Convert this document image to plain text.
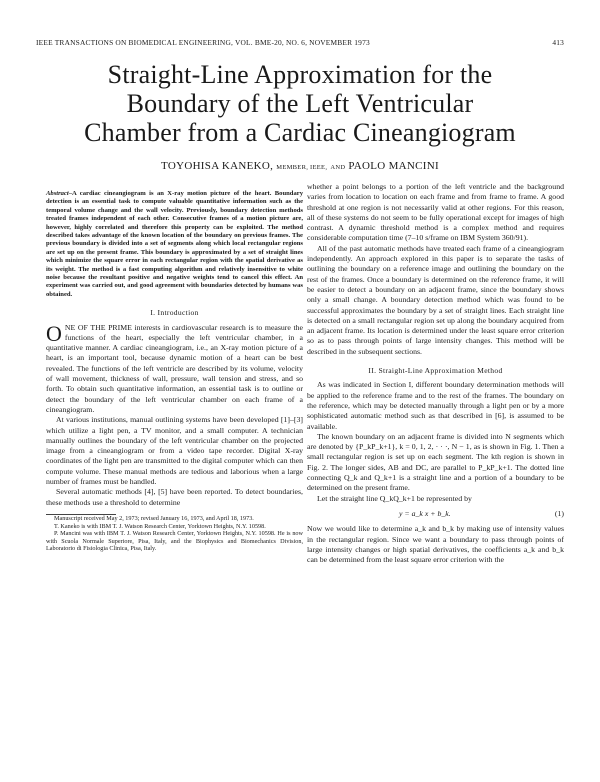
IEEE TRANSACTIONS ON BIOMEDICAL ENGINEERING, VOL. BME-20, NO. 6, NOVEMBER 1973	413
Straight-Line Approximation for the
Boundary of the Left Ventricular
Chamber from a Cardiac Cineangiogram
TOYOHISA KANEKO, MEMBER, IEEE, AND PAOLO MANCINI
Abstract–A cardiac cineangiogram is an X-ray motion picture of the heart. Boundary detection is an essential task to compute valuable quantitative information such as the temporal volume change and the wall velocity. Previously, boundary detection methods treated frames independent of each other. Consecutive frames of a motion picture are, however, highly correlated and therefore this property can be exploited. The method described takes advantage of the known location of the boundary on previous frames. The previous boundary is divided into a set of segments along which local rectangular regions are set up on the present frame. This boundary is approximated by a set of straight lines which minimize the square error in each rectangular region with the spatial derivative as its weight. The method is a fast computing algorithm and relatively insensitive to white noise because the resultant positive and negative weights tend to cancel this effect. An experiment was carried out, and good agreement with boundaries detected by humans was obtained.
I. Introduction

ONE OF THE PRIME interests in cardiovascular research is to measure the functions of the heart, especially the left ventricular chamber, in a quantitative manner. A cardiac cineangiogram, i.e., an X-ray motion picture of a heart, is an important tool, because dynamic motion of a heart can be best revealed. The functions of the left ventricle are described by its volume, velocity of wall movement, thickness of wall, pressure, wall tension and stress, and so forth. To obtain such quantitative information, an essential task is to outline or detect the boundary of the left ventricular chamber on each frame of a cineangiogram.

At various institutions, manual outlining systems have been developed [1]–[3] which utilize a light pen, a TV monitor, and a small computer. A technician manually outlines the boundary of the left ventricular chamber on the projected image from a cineangiogram or from a video tape recorder. Digital X-ray coordinates of the light pen are transmitted to the digital computer which can then compute volume. These manual methods are tedious and laborious when a large number of frames must be handled.

Several automatic methods [4], [5] have been reported. To detect boundaries, these methods use a threshold to determine

Manuscript received May 2, 1973; revised January 16, 1973, and April 18, 1973.

T. Kaneko is with IBM T. J. Watson Research Center, Yorktown Heights, N.Y. 10598.

P. Mancini was with IBM T. J. Watson Research Center, Yorktown Heights, N.Y. 10598. He is now with Scuola Normale Superiore, Pisa, Italy, and the Biophysics and Biomechanics Division, Laboratorio di Fisiologia Clinica, Pisa, Italy.

whether a point belongs to a portion of the left ventricle and the background varies from location to location on each frame and from frame to frame. A good threshold at one region is not necessarily valid at other regions. For this reason, all of these systems do not seem to be fully operational except for images of high contrast. A dynamic threshold method is a complex method and requires considerable computation time (7–10 s/frame on IBM System 360/91).

All of the past automatic methods have treated each frame of a cineangiogram independently. An approach explored in this paper is to separate the tasks of outlining the boundary on a reference image and outlining the boundary on the rest of the frames. Once a boundary is determined on the reference frame, it will be easier to detect a boundary on an adjacent frame, since the boundary shows only a small change. A boundary detection method which was found to be successful approximates the boundary by a set of straight lines. Each straight line is detected on a small rectangular region set up along the boundary acquired from an adjacent frame. Its location is determined under the least square error criterion so as to pass through points of large intensity changes. This method will be described in the subsequent sections.

II. Straight-Line Approximation Method

As was indicated in Section I, different boundary determination methods will be applied to the reference frame and to the rest of the frames. The boundary on the reference, which may be detected manually through a light pen or by a more sophisticated automatic method such as that described in [6], is assumed to be available.

The known boundary on an adjacent frame is divided into N segments which are denoted by {P_kP_k+1}, k = 0, 1, 2, · · ·, N − 1, as is shown in Fig. 1. Then a small rectangular region is set up on each segment. The kth region is shown in Fig. 2. The longer sides, AB and DC, are parallel to P_kP_k+1. The dotted line connecting Q_k and Q_k+1 is a straight line and a portion of a boundary to be determined on the present frame.

Let the straight line Q_kQ_k+1 be represented by

y = a_k x + b_k.	(1)

Now we would like to determine a_k and b_k by making use of intensity values in the rectangular region. Since we want a boundary to pass through points of large intensity changes or high spatial derivatives, the coefficients a_k and b_k can be determined from the least square error criterion with the
